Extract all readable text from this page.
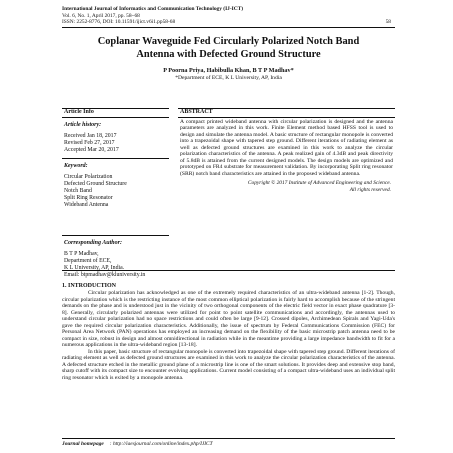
International Journal of Informatics and Communication Technology (IJ-ICT)
Vol. 6, No. 1, April 2017, pp. 58~68
ISSN: 2252-8776, DOI: 10.11591/ijict.v6i1.pp58-68	58
Coplanar Waveguide Fed Circularly Polarized Notch Band
Antenna with Defected Ground Structure
P Poorna Priya, Habibulla Khan, B T P Madhav*
*Department of ECE, K L University, AP, India
Article Info
Article history:
Received Jan 18, 2017
Revised Feb 27, 2017
Accepted Mar 20, 2017
Keyword:
Circular Polarization
Defected Ground Structure
Notch Band
Split Ring Resonator
Wideband Antenna
ABSTRACT
A compact printed wideband antenna with circular polarization is designed and the antenna parameters are analyzed in this work. Finite Element method based HFSS tool is used to design and simulate the antenna model. A basic structure of rectangular monopole is converted into a trapezoidal shape with tapered step ground. Different iterations of radiating element as well as defected ground structures are examined in this work to analyze the circular polarization characteristics of the antenna. A peak realized gain of 4.3dB and peak directivity of 5.8dB is attained from the current designed models. The design models are optimized and prototyped on FR4 substrate for measurement validation. By incorporating Split ring resonator (SRR) notch band characteristics are attained in the proposed wideband antenna.
Copyright © 2017 Institute of Advanced Engineering and Science.
All rights reserved.
Corresponding Author:
B T P Madhav,
Department of ECE,
K L University, AP, India.
Email: btpmadhav@kluniversity.in
1. INTRODUCTION

Circular polarization has acknowledged as one of the extremely required characteristics of an ultra-wideband antenna [1-2]. Though, circular polarization which is the restricting instance of the most common elliptical polarization is fairly hard to accomplish because of the stringent demands on the phase and is understood just in the vicinity of two orthogonal components of the electric field vector in exact phase quadrature [3-8]. Generally, circularly polarized antennas were utilized for point to point satellite communications and accordingly, the antennas used to understand circular polarization had no space restrictions and could often be large [9-12]. Crossed dipoles, Archimedean Spirals and Yagi-Uda's gave the required circular polarization characteristics. Additionally, the issue of spectrum by Federal Communications Commission (FEC) for Personal Area Network (PAN) operations has employed an increasing demand on the flexibility of the basic microstrip patch antenna need to be compact in size, robust in design and almost omnidirectional in radiation while in the meantime providing a large impedance bandwidth to fit for a numerous applications in the ultra-wideband region [13-18].

In this paper, basic structure of rectangular monopole is converted into trapezoidal shape with tapered step ground. Different iterations of radiating element as well as defected ground structures are examined in this work to analyze the circular polarization characteristics of the antenna. A defected structure etched in the metallic ground plane of a microstrip line is one of the smart solutions. It provides deep and extensive stop band, sharp cutoff with its compact size to encounter evolving applications. Current model consisting of a compact ultra-wideband uses an individual split ring resonator which is exited by a monopole antenna.

Journal homepage : http://iaesjournal.com/online/index.php/IJICT
